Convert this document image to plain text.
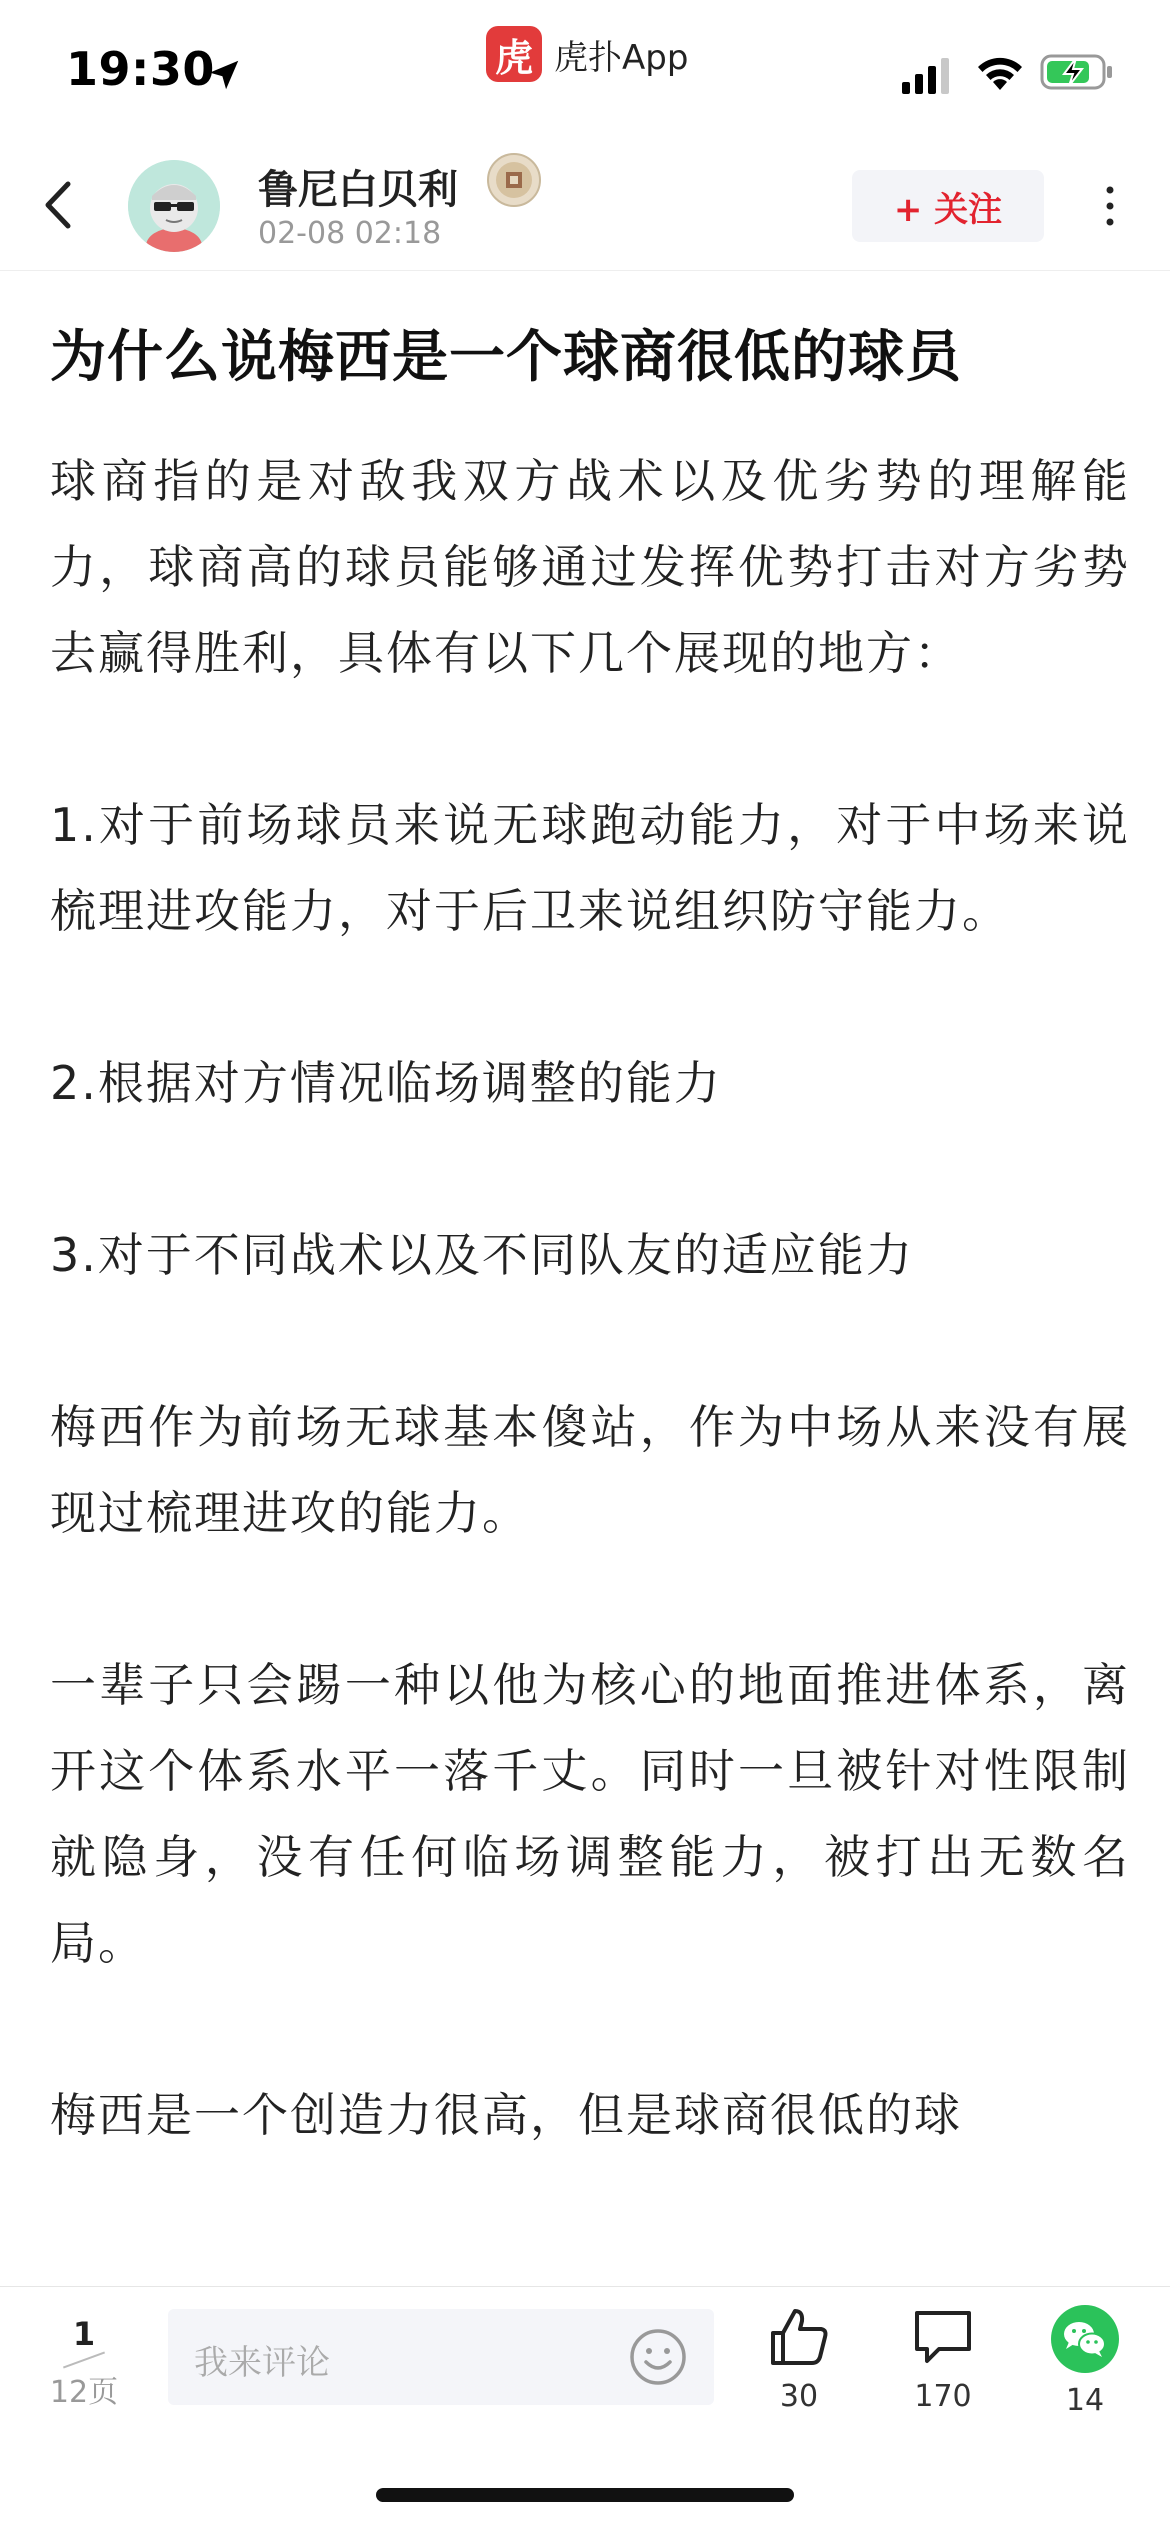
19:30	虎 虎扑App
鲁尼白贝利
02-08 02:18
+ 关注
为什么说梅西是一个球商很低的球员

球商指的是对敌我双方战术以及优劣势的理解能力，球商高的球员能够通过发挥优势打击对方劣势去赢得胜利，具体有以下几个展现的地方：

1.对于前场球员来说无球跑动能力，对于中场来说梳理进攻能力，对于后卫来说组织防守能力。

2.根据对方情况临场调整的能力

3.对于不同战术以及不同队友的适应能力

梅西作为前场无球基本傻站，作为中场从来没有展现过梳理进攻的能力。

一辈子只会踢一种以他为核心的地面推进体系，离开这个体系水平一落千丈。同时一旦被针对性限制就隐身，没有任何临场调整能力，被打出无数名局。

梅西是一个创造力很高，但是球商很低的球

1
12页
我来评论
30	170	14
